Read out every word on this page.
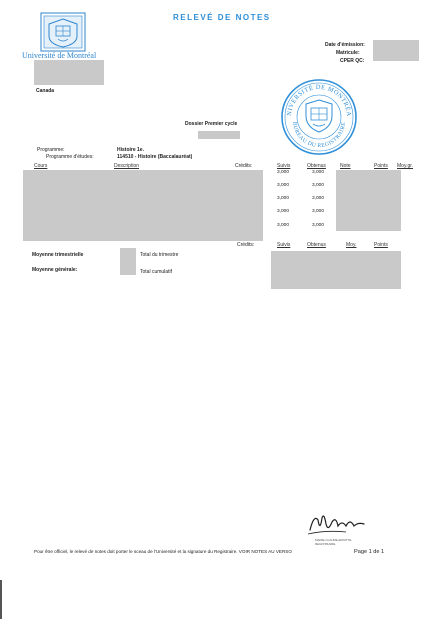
Université de Montréal
RELEVÉ DE NOTES
Date d'émission:
Matricule:
CPER QC:
Canada
NIVERSITÉ DE MONTRÉA
BUREAU DU REGISTRAIRE
Dossier Premier cycle
Programme:
Programme d'études:
Histoire 1e.
114510 - Histoire (Baccalauréat)
Cours	Description	Crédits:	Suivis	Obtenus	Note	Points Moy.gr.
3,000	3,000
3,000	3,000
3,000	3,000
3,000	3,000
3,000	3,000
Moyenne trimestrielle
Moyenne générale:
Total du trimestre
Total cumulatif
Crédits:	Suivis	Obtenus	Moy.	Points
MARIE-CLAUDE ERNITTE
REGISTRAIRE
Pour être officiel, le relevé de notes doit porter le sceau de l'Université et la signature du Registraire. VOIR NOTES AU VERSO	Page 1 de 1
